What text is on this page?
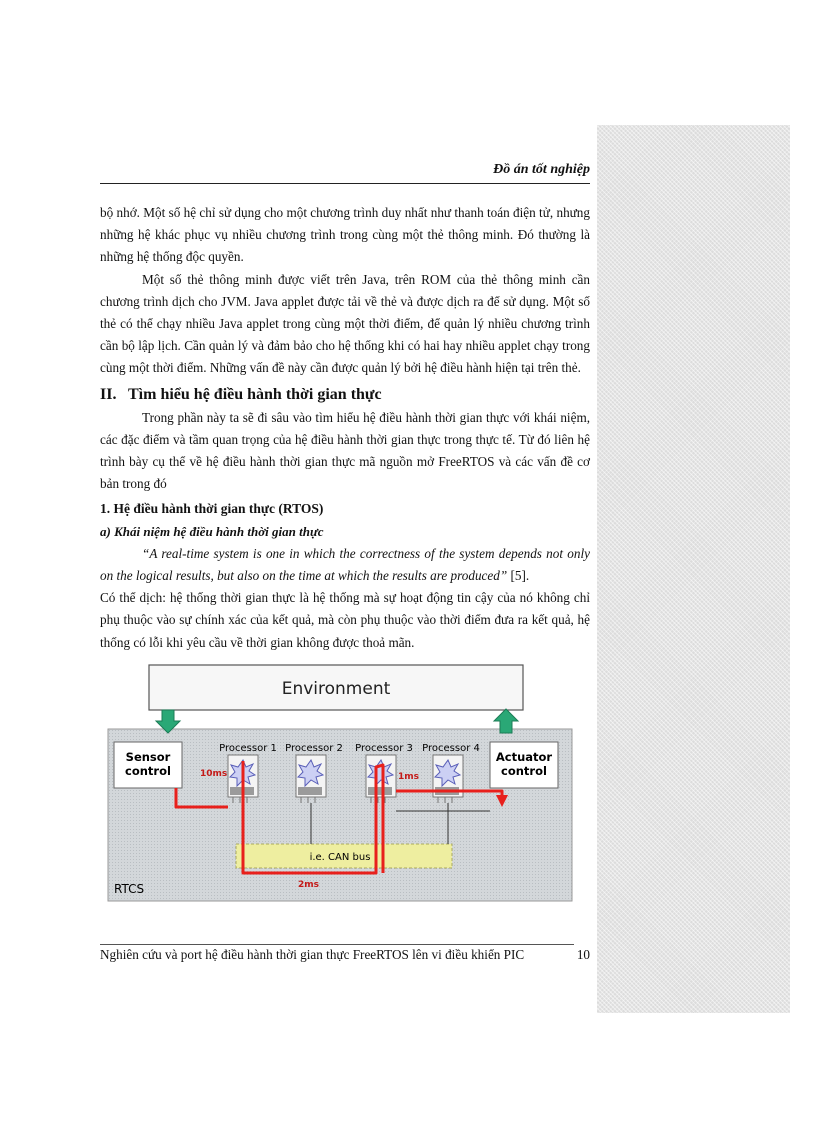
Đồ án tốt nghiệp

bộ nhớ. Một số hệ chỉ sử dụng cho một chương trình duy nhất như thanh toán điện tử, nhưng những hệ khác phục vụ nhiều chương trình trong cùng một thẻ thông minh. Đó thường là những hệ thống độc quyền.

Một số thẻ thông minh được viết trên Java, trên ROM của thẻ thông minh cần chương trình dịch cho JVM. Java applet được tải về thẻ và được dịch ra để sử dụng. Một số thẻ có thể chạy nhiều Java applet trong cùng một thời điểm, để quản lý nhiều chương trình cần bộ lập lịch. Cần quản lý và đảm bảo cho hệ thống khi có hai hay nhiều applet chạy trong cùng một thời điểm. Những vấn đề này cần được quản lý bởi hệ điều hành hiện tại trên thẻ.

II. Tìm hiểu hệ điều hành thời gian thực

Trong phần này ta sẽ đi sâu vào tìm hiểu hệ điều hành thời gian thực với khái niệm, các đặc điểm và tầm quan trọng của hệ điều hành thời gian thực trong thực tế. Từ đó liên hệ trình bày cụ thể về hệ điều hành thời gian thực mã nguồn mở FreeRTOS và các vấn đề cơ bản trong đó

1. Hệ điều hành thời gian thực (RTOS)
a) Khái niệm hệ điều hành thời gian thực

“A real-time system is one in which the correctness of the system depends not only on the logical results, but also on the time at which the results are produced” [5].

Có thể dịch: hệ thống thời gian thực là hệ thống mà sự hoạt động tin cậy của nó không chỉ phụ thuộc vào sự chính xác của kết quả, mà còn phụ thuộc vào thời điểm đưa ra kết quả, hệ thống có lỗi khi yêu cầu về thời gian không được thoả mãn.

Environment
Sensor
control
Actuator
control
Processor 1 Processor 2 Processor 3 Processor 4
i.e. CAN bus
10ms	1ms
2ms
RTCS
Nghiên cứu và port hệ điều hành thời gian thực FreeRTOS lên vi điều khiển PIC	10
